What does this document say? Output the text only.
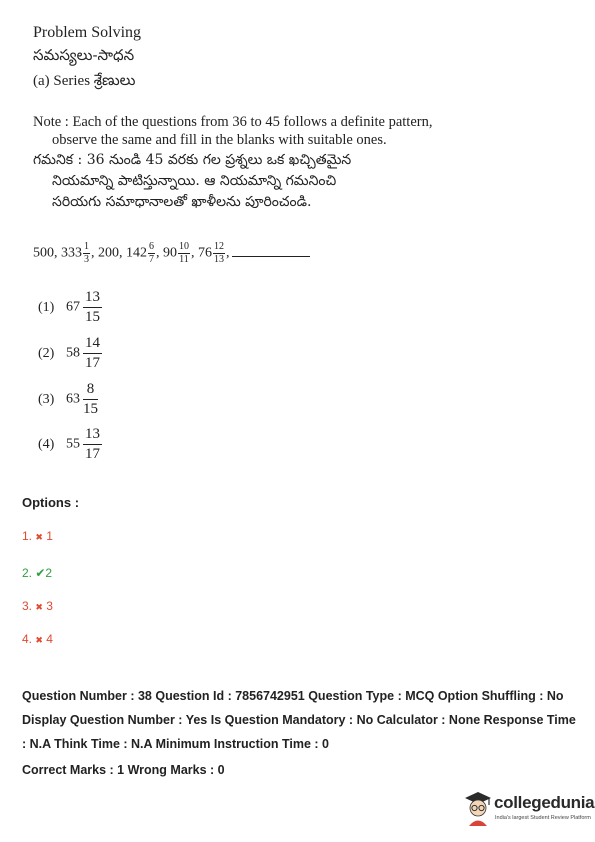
Problem Solving
సమస్యలు-సాధన
(a) Series శ్రేణులు
Note : Each of the questions from 36 to 45 follows a definite pattern,
observe the same and fill in the blanks with suitable ones.
గమనిక : 36 నుండి 45 వరకు గల ప్రశ్నలు ఒక ఖచ్చితమైన
నియమాన్ని పాటిస్తున్నాయి. ఆ నియమాన్ని గమనించి
సరియగు సమాధానాలతో ఖాళీలను పూరించండి.
500, $333 \frac{1}{3}$ , 200, $142 \frac{6}{7}$ , $90 \frac{10}{11}$ , $76 \frac{12}{13}$ ,
(1) $67 \frac{13}{15}$
(2) $58 \frac{14}{17}$
(3) $63 \frac{8}{15}$
(4) $55 \frac{13}{17}$
Options :
1. ✖ 1
2. ✔2
3. ✖ 3
4. ✖ 4
Question Number : 38 Question Id : 7856742951 Question Type : MCQ Option Shuffling : No
Display Question Number : Yes Is Question Mandatory : No Calculator : None Response Time
: N.A Think Time : N.A Minimum Instruction Time : 0
Correct Marks : 1 Wrong Marks : 0
collegedunia
India's largest Student Review Platform
